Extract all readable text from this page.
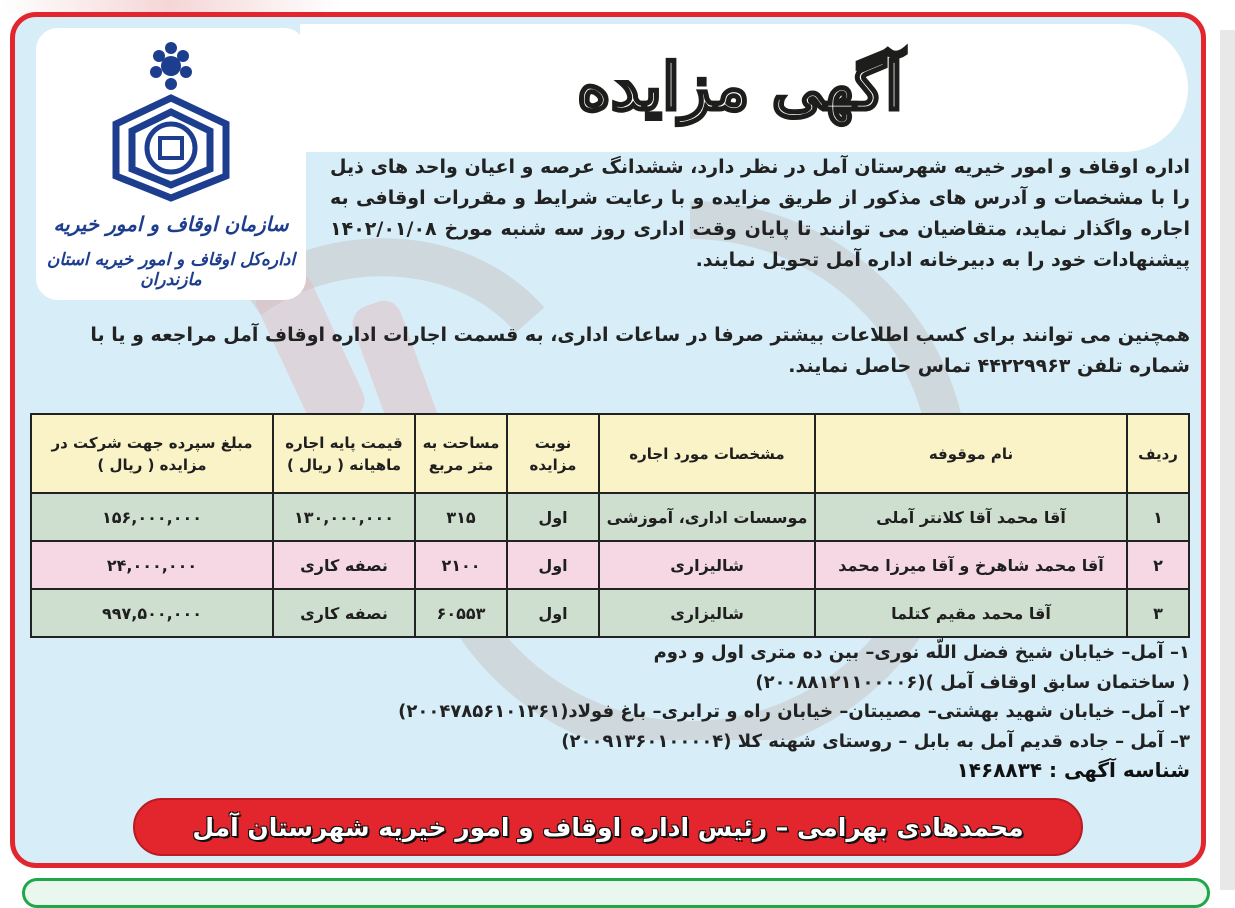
آگهی مزایده
سازمان اوقاف و امور خیریه
اداره‌کل اوقاف و امور خیریه استان مازندران
اداره اوقاف و امور خیریه شهرستان آمل در نظر دارد، ششدانگ عرصه و اعیان واحد های ذیل را با مشخصات و آدرس های مذکور از طریق مزایده و با رعایت شرایط و مقررات اوقافی به اجاره واگذار نماید، متقاضیان می توانند تا پایان وقت اداری روز سه شنبه مورخ ۱۴۰۲/۰۱/۰۸ پیشنهادات خود را به دبیرخانه اداره آمل تحویل نمایند.
همچنین می توانند برای کسب اطلاعات بیشتر صرفا در ساعات اداری، به قسمت اجارات اداره اوقاف آمل مراجعه و یا با شماره تلفن ۴۴۲۲۹۹۶۳ تماس حاصل نمایند.
ردیف	نام موقوفه	مشخصات مورد اجاره	نوبت مزایده	مساحت به متر مربع	قیمت پایه اجاره ماهیانه ( ریال )	مبلغ سپرده جهت شرکت در مزایده ( ریال )
۱	آقا محمد آقا کلانتر آملی	موسسات اداری، آموزشی	اول	۳۱۵	۱۳۰,۰۰۰,۰۰۰	۱۵۶,۰۰۰,۰۰۰
۲	آقا محمد شاهرخ و آقا میرزا محمد	شالیزاری	اول	۲۱۰۰	نصفه کاری	۲۴,۰۰۰,۰۰۰
۳	آقا محمد مقیم کتلما	شالیزاری	اول	۶۰۵۵۳	نصفه کاری	۹۹۷,۵۰۰,۰۰۰
۱– آمل– خیابان شیخ فضل اللّه نوری– بین ده متری اول و دوم
( ساختمان سابق اوقاف آمل )(۲۰۰۸۸۱۲۱۱۰۰۰۰۶)
۲– آمل– خیابان شهید بهشتی– مصیبتان– خیابان راه و ترابری– باغ فولاد(۲۰۰۴۷۸۵۶۱۰۱۳۶۱)
۳– آمل – جاده قدیم آمل به بابل – روستای شهنه کلا (۲۰۰۹۱۳۶۰۱۰۰۰۰۴)
شناسه آگهی : ۱۴۶۸۸۳۴
محمدهادی بهرامی – رئیس اداره اوقاف و امور خیریه شهرستان آمل
